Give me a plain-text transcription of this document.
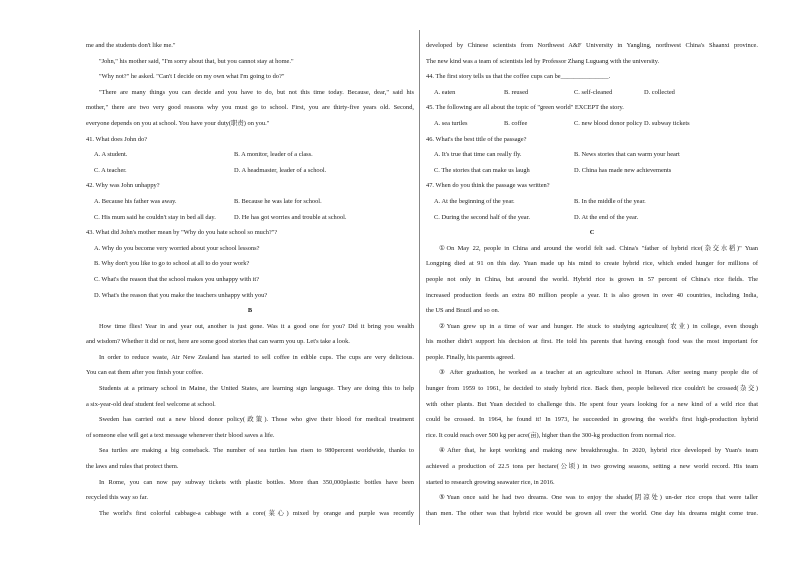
me and the students don't like me."

"John," his mother said, "I'm sorry about that, but you cannot stay at home."

"Why not?" he asked. "Can't I decide on my own what I'm going to do?"

"There are many things you can decide and you have to do, but not this time today. Because, dear," said his

mother," there are two very good reasons why you must go to school. First, you are thirty-five years old. Second,

everyone depends on you at school. You have your duty(职责) on you."

41. What does John do?

A. A student.	B. A monitor, leader of a class.
C. A teacher.	D. A headmaster, leader of a school.

42. Why was John unhappy?

A. Because his father was away.	B. Because he was late for school.
C. His mum said he couldn't stay in bed all day.	D. He has got worries and trouble at school.

43. What did John's mother mean by "Why do you hate school so much?"?

A. Why do you become very worried about your school lessons?

B. Why don't you like to go to school at all to do your work?

C. What's the reason that the school makes you unhappy with it?

D. What's the reason that you make the teachers unhappy with you?

B

How time flies! Year in and year out, another is just gone. Was it a good one for you? Did it bring you wealth

and wisdom? Whether it did or not, here are some good stories that can warm you up. Let's take a look.

In order to reduce waste, Air New Zealand has started to sell coffee in edible cups. The cups are very delicious.

You can eat them after you finish your coffee.

Students at a primary school in Maine, the United States, are learning sign language. They are doing this to help

a six-year-old deaf student feel welcome at school.

Sweden has carried out a new blood donor policy(政策). Those who give their blood for medical treatment

of someone else will get a text message whenever their blood saves a life.

Sea turtles are making a big comeback. The number of sea turtles has risen to 980percent worldwide, thanks to

the laws and rules that protect them.

In Rome, you can now pay subway tickets with plastic bottles. More than 350,000plastic bottles have been

recycled this way so far.

The world's first colorful cabbage-a cabbage with a core(菜心) mixed by orange and purple was recently

developed by Chinese scientists from Northwest A&F University in Yangling, northwest China's Shaanxi province.

The new kind was a team of scientists led by Professor Zhang Luguang with the university.

44. The first story tells us that the coffee cups can be_______________.

A. eaten	B. reused	C. self-cleaned	D. collected

45. The following are all about the topic of "green world" EXCEPT the story.

A. sea turtles	B. coffee	C. new blood donor policy D. subway tickets

46. What's the best title of the passage?

A. It's true that time can really fly.	B. News stories that can warm your heart
C. The stories that can make us laugh	D. China has made new achievements

47. When do you think the passage was written?

A. At the beginning of the year.	B. In the middle of the year.
C. During the second half of the year.	D. At the end of the year.

C

①On May 22, people in China and around the world felt sad. China's "father of hybrid rice(杂交水稻)" Yuan

Longping died at 91 on this day. Yuan made up his mind to create hybrid rice, which ended hunger for millions of

people not only in China, but around the world. Hybrid rice is grown in 57 percent of China's rice fields. The

increased production feeds an extra 80 million people a year. It is also grown in over 40 countries, including India,

the US and Brazil and so on.

②Yuan grew up in a time of war and hunger. He stuck to studying agriculture(农业) in college, even though

his mother didn't support his decision at first. He told his parents that having enough food was the most important for

people. Finally, his parents agreed.

③ After graduation, he worked as a teacher at an agriculture school in Hunan. After seeing many people die of

hunger from 1959 to 1961, he decided to study hybrid rice. Back then, people believed rice couldn't be crossed(杂交)

with other plants. But Yuan decided to challenge this. He spent four years looking for a new kind of a wild rice that

could be crossed. In 1964, he found it! In 1973, he succeeded in growing the world's first high-production hybrid

rice. It could reach over 500 kg per acre(亩), higher than the 300-kg production from normal rice.

④After that, he kept working and making new breakthroughs. In 2020, hybrid rice developed by Yuan's team

achieved a production of 22.5 tons per hectare(公顷) in two growing seasons, setting a new world record. His team

started to research growing seawater rice, in 2016.

⑤Yuan once said he had two dreams. One was to enjoy the shade(阴凉处) un-der rice crops that were taller

than men. The other was that hybrid rice would be grown all over the world. One day his dreams might come true.
